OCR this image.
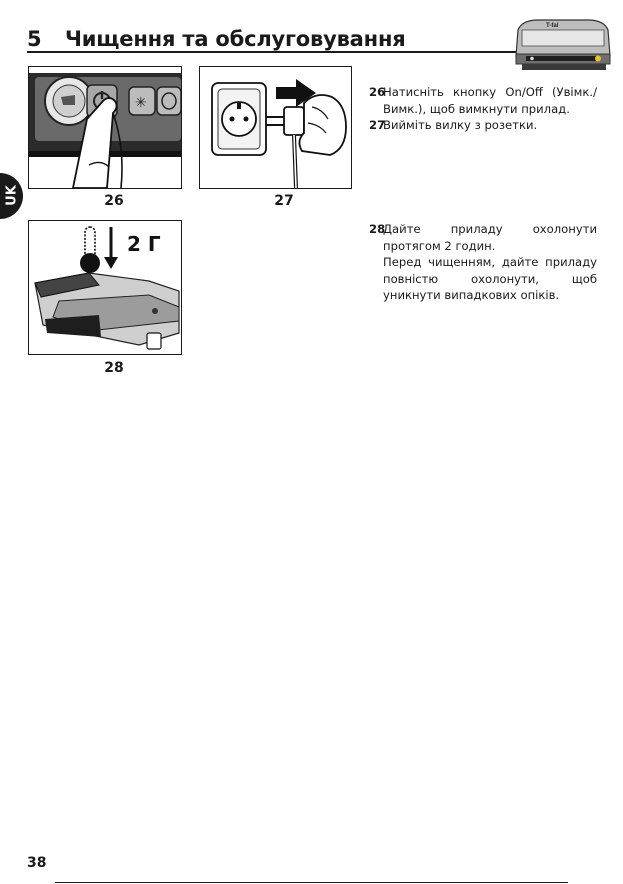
5 Чищення та обслуговування
T-fal
UK
✳
26	27
2 Г
28
26

Натисніть кнопку On/Off (Увімк./Вимк.), щоб вимкнути прилад.

27

Вийміть вилку з розетки.

28

Дайте приладу охолонути протягом 2 годин.

Перед чищенням, дайте приладу повністю охолонути, щоб уникнути випадкових опіків.

38
